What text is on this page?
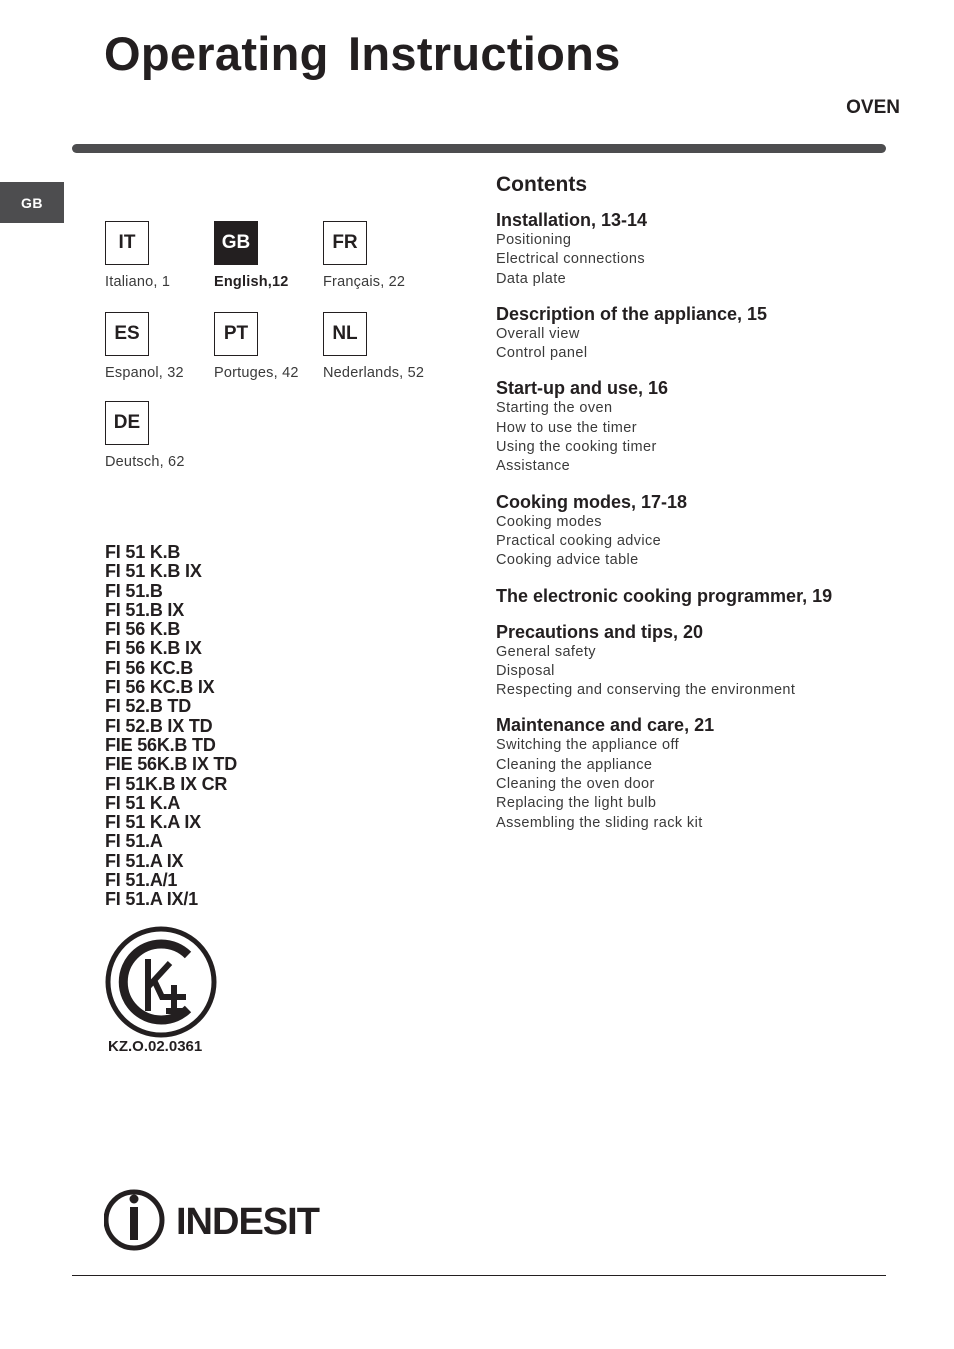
Operating Instructions
OVEN
GB
IT
Italiano, 1
GB
English,12
FR
Français, 22
ES
Espanol, 32
PT
Portuges, 42
NL
Nederlands, 52
DE
Deutsch, 62
FI 51 K.B
FI 51 K.B IX
FI 51.B
FI 51.B IX
FI 56 K.B
FI 56 K.B IX
FI 56 KC.B
FI 56 KC.B IX
FI 52.B TD
FI 52.B IX TD
FIE 56K.B TD
FIE 56K.B IX TD
FI 51K.B IX CR
FI 51 K.A
FI 51 K.A IX
FI 51.A
FI 51.A IX
FI 51.A/1
FI 51.A IX/1
KZ.O.02.0361
INDESIT
Contents
Installation, 13-14
Positioning
Electrical connections
Data plate
Description of the appliance, 15
Overall view
Control panel
Start-up and use, 16
Starting the oven
How to use the timer
Using the cooking timer
Assistance
Cooking modes, 17-18
Cooking modes
Practical cooking advice
Cooking advice table
The electronic cooking programmer, 19
Precautions and tips, 20
General safety
Disposal
Respecting and conserving the environment
Maintenance and care, 21
Switching the appliance off
Cleaning the appliance
Cleaning the oven door
Replacing the light bulb
Assembling the sliding rack kit
